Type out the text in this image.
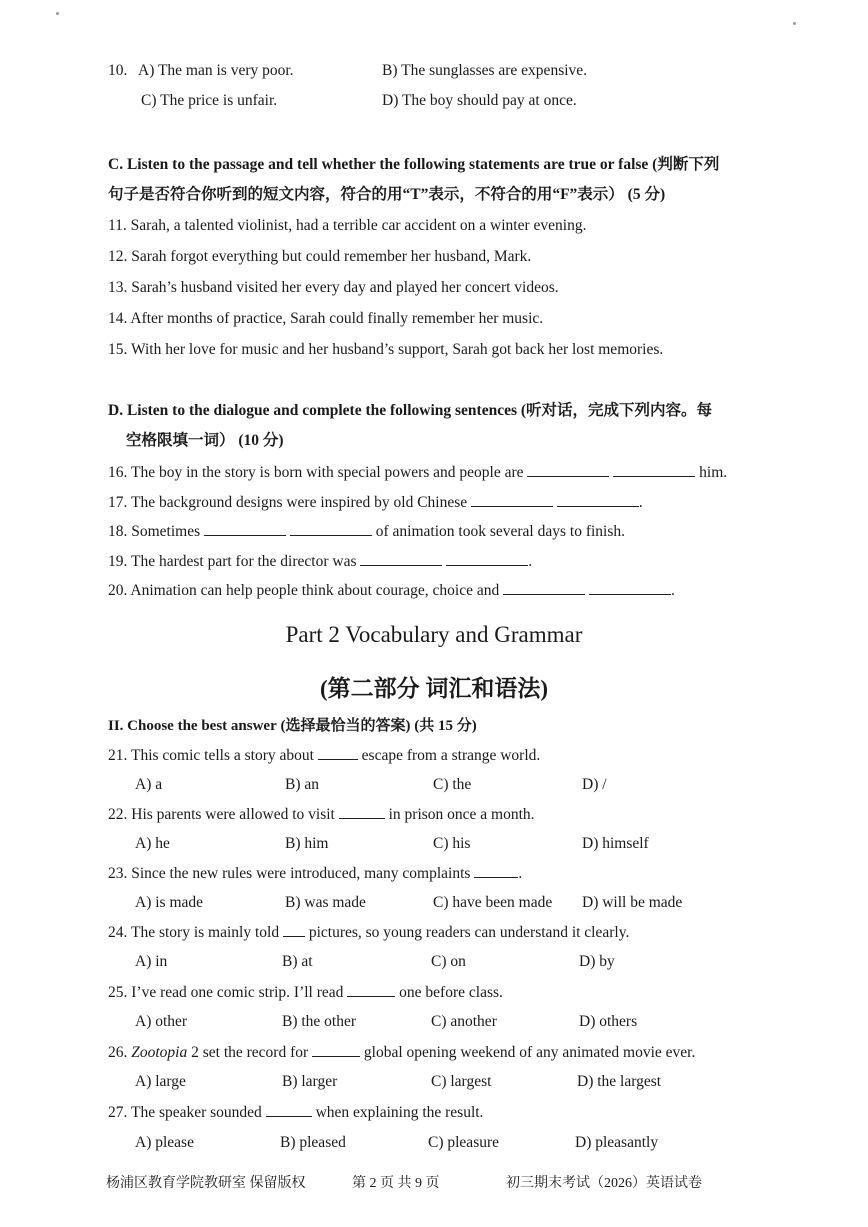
10. A) The man is very poor.	B) The sunglasses are expensive.
C) The price is unfair.	D) The boy should pay at once.
C. Listen to the passage and tell whether the following statements are true or false (判断下列
句子是否符合你听到的短文内容，符合的用“T”表示，不符合的用“F”表示） (5 分)
11. Sarah, a talented violinist, had a terrible car accident on a winter evening.
12. Sarah forgot everything but could remember her husband, Mark.
13. Sarah’s husband visited her every day and played her concert videos.
14. After months of practice, Sarah could finally remember her music.
15. With her love for music and her husband’s support, Sarah got back her lost memories.
D. Listen to the dialogue and complete the following sentences (听对话，完成下列内容。每
空格限填一词） (10 分)
16. The boy in the story is born with special powers and people are	him.
17. The background designs were inspired by old Chinese	.
18. Sometimes	of animation took several days to finish.
19. The hardest part for the director was	.
20. Animation can help people think about courage, choice and	.
Part 2 Vocabulary and Grammar
(第二部分 词汇和语法)
II. Choose the best answer (选择最恰当的答案) (共 15 分)
21. This comic tells a story about	escape from a strange world.
A) a	B) an	C) the	D) /
22. His parents were allowed to visit	in prison once a month.
A) he	B) him	C) his	D) himself
23. Since the new rules were introduced, many complaints	.
A) is made	B) was made	C) have been made D) will be made
24. The story is mainly told pictures, so young readers can understand it clearly.
A) in	B) at	C) on	D) by
25. I’ve read one comic strip. I’ll read	one before class.
A) other	B) the other	C) another	D) others
26. Zootopia 2 set the record for	global opening weekend of any animated movie ever.
A) large	B) larger	C) largest	D) the largest
27. The speaker sounded	when explaining the result.
A) please	B) pleased	C) pleasure	D) pleasantly
杨浦区教育学院教研室 保留版权	第 2 页 共 9 页	初三期末考试（2026）英语试卷
